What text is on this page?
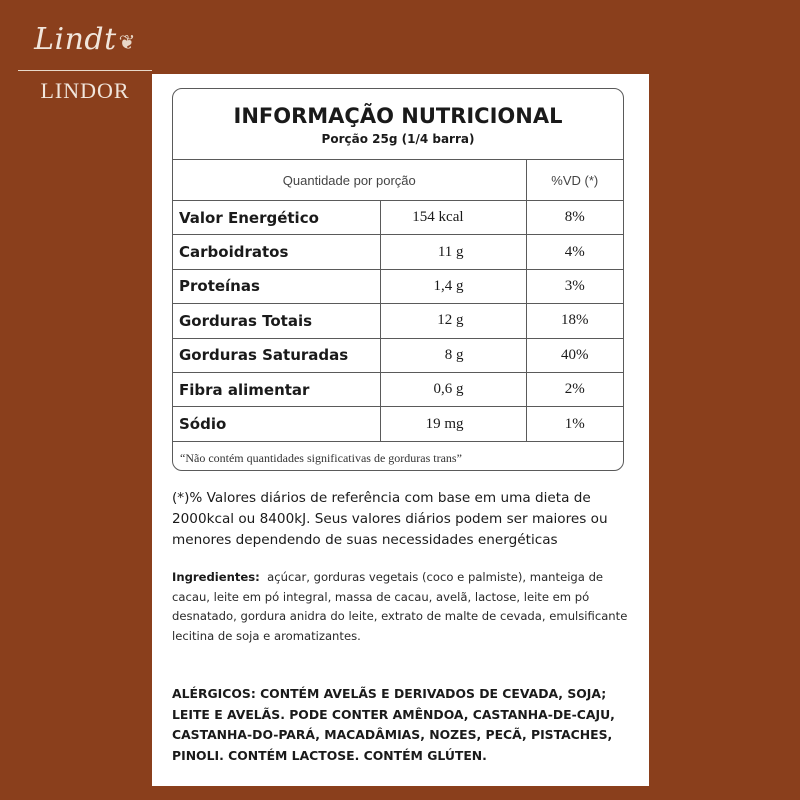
Lindt ❦
LINDOR
INFORMAÇÃO NUTRICIONAL
Porção 25g (1/4 barra)
Quantidade por porção		%VD (*)
Valor Energético	154 kcal	8%
Carboidratos	11 g	4%
Proteínas	1,4 g	3%
Gorduras Totais	12 g	18%
Gorduras Saturadas	8 g	40%
Fibra alimentar	0,6 g	2%
Sódio	19 mg	1%
“Não contém quantidades significativas de gorduras trans”
(*)% Valores diários de referência com base em uma dieta de 2000kcal ou 8400kJ. Seus valores diários podem ser maiores ou menores dependendo de suas necessidades energéticas
Ingredientes: açúcar, gorduras vegetais (coco e palmiste), manteiga de cacau, leite em pó integral, massa de cacau, avelã, lactose, leite em pó desnatado, gordura anidra do leite, extrato de malte de cevada, emulsificante lecitina de soja e aromatizantes.
ALÉRGICOS: CONTÉM AVELÃS E DERIVADOS DE CEVADA, SOJA; LEITE E AVELÃS. PODE CONTER AMÊNDOA, CASTANHA-DE-CAJU, CASTANHA-DO-PARÁ, MACADÂMIAS, NOZES, PECÃ, PISTACHES, PINOLI. CONTÉM LACTOSE. CONTÉM GLÚTEN.
